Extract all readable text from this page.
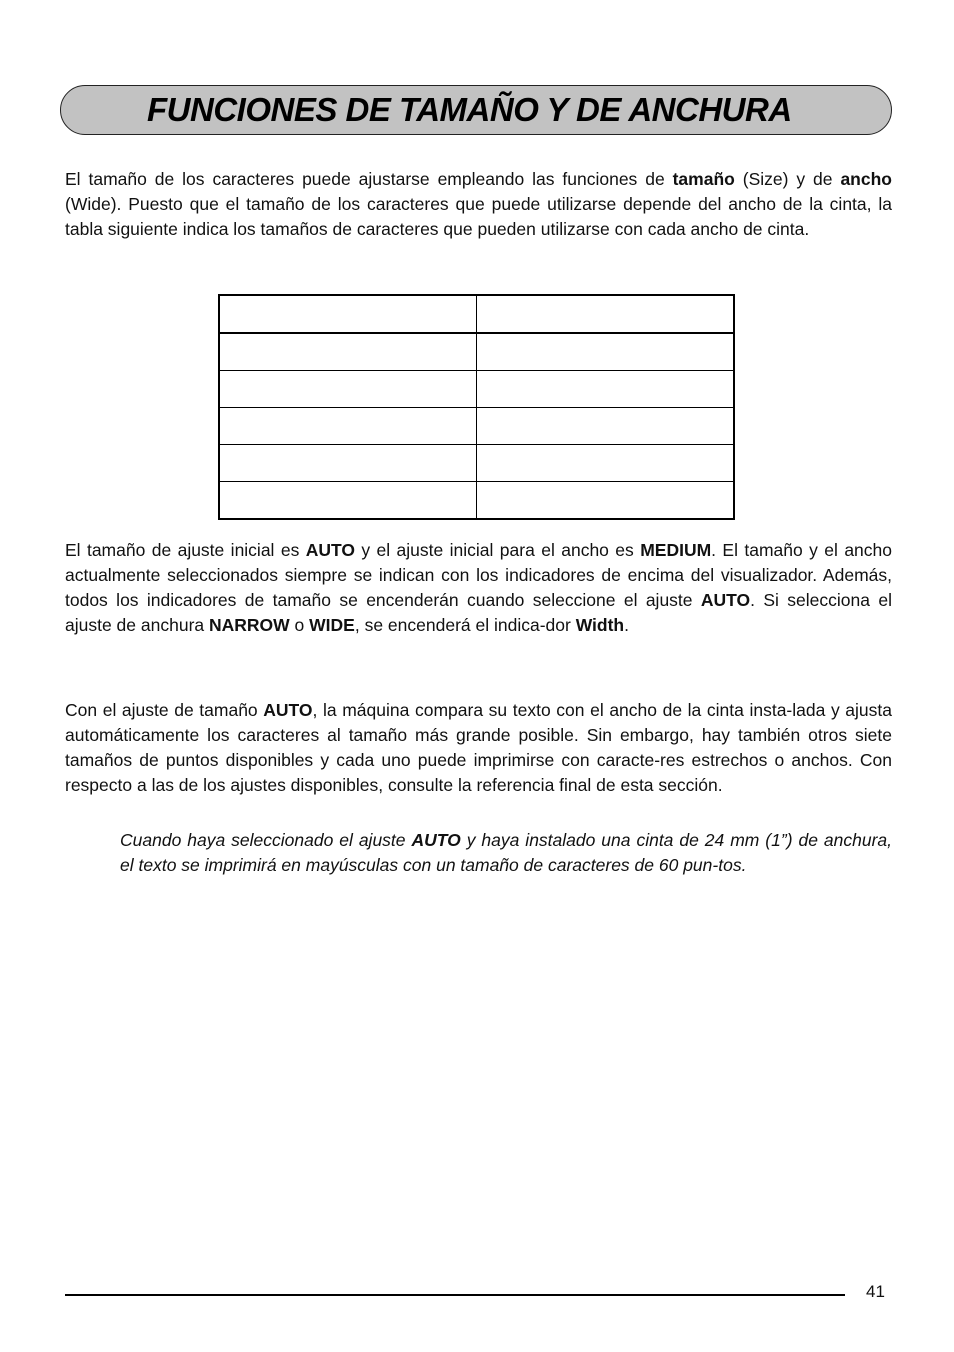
FUNCIONES DE TAMAÑO Y DE ANCHURA

El tamaño de los caracteres puede ajustarse empleando las funciones de tamaño (Size) y de ancho (Wide). Puesto que el tamaño de los caracteres que puede utilizarse depende del ancho de la cinta, la tabla siguiente indica los tamaños de caracteres que pueden utilizarse con cada ancho de cinta.

El tamaño de ajuste inicial es AUTO y el ajuste inicial para el ancho es MEDIUM. El tamaño y el ancho actualmente seleccionados siempre se indican con los indicadores de encima del visualizador. Además, todos los indicadores de tamaño se encenderán cuando seleccione el ajuste AUTO. Si selecciona el ajuste de anchura NARROW o WIDE, se encenderá el indica-dor Width.

Con el ajuste de tamaño AUTO, la máquina compara su texto con el ancho de la cinta insta-lada y ajusta automáticamente los caracteres al tamaño más grande posible. Sin embargo, hay también otros siete tamaños de puntos disponibles y cada uno puede imprimirse con caracte-res estrechos o anchos. Con respecto a las de los ajustes disponibles, consulte la referencia final de esta sección.

Cuando haya seleccionado el ajuste AUTO y haya instalado una cinta de 24 mm (1”) de anchura, el texto se imprimirá en mayúsculas con un tamaño de caracteres de 60 pun-tos.

41
